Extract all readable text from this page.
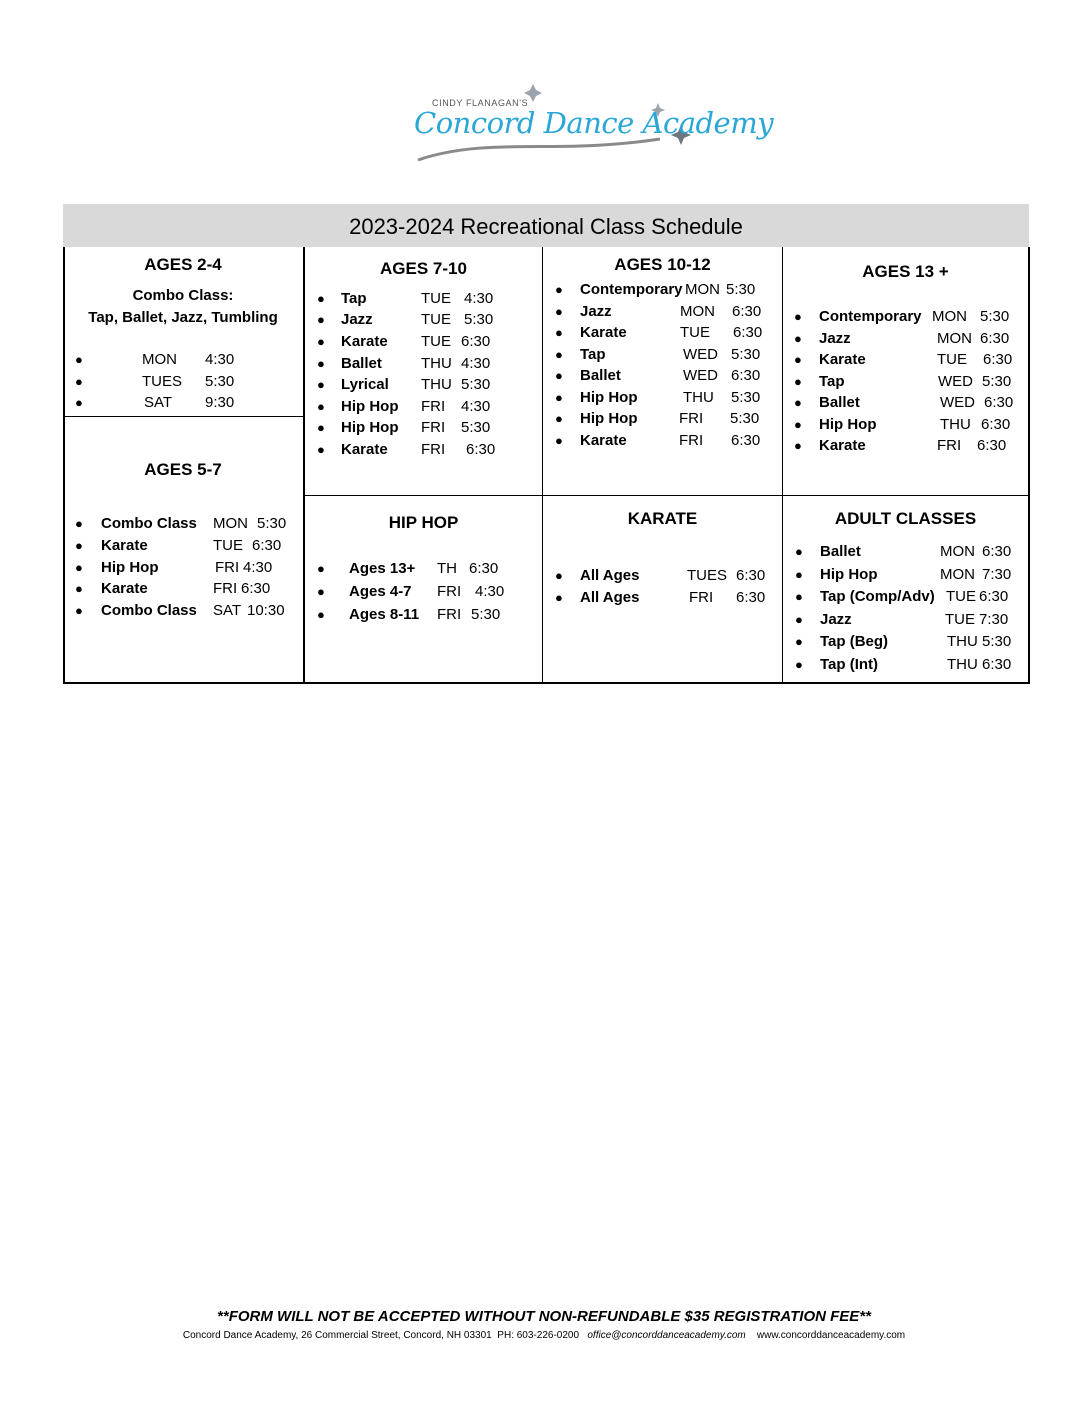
CINDY FLANAGAN'S
Concord Dance Academy
2023-2024 Recreational Class Schedule
AGES 2-4
Combo Class:
Tap, Ballet, Jazz, Tumbling
●	MON 4:30
●	TUES 5:30
●	SAT 9:30
AGES 5-7
● Combo Class MON 5:30
● Karate	TUE 6:30
● Hip Hop	FRI 4:30
● Karate	FRI 6:30
● Combo Class SAT 10:30
AGES 7-10
● Tap	TUE 4:30
● Jazz	TUE 5:30
● Karate TUE 6:30
● Ballet	THU 4:30
● Lyrical THU 5:30
● Hip Hop FRI 4:30
● Hip Hop FRI 5:30
● Karate FRI 6:30
AGES 10-12
● Contemporary MON 5:30
● Jazz	MON 6:30
● Karate	TUE 6:30
● Tap	WED 5:30
● Ballet	WED 6:30
● Hip Hop	THU 5:30
● Hip Hop	FRI 5:30
● Karate	FRI 6:30
AGES 13 +
● Contemporary MON 5:30
● Jazz	MON 6:30
● Karate	TUE 6:30
● Tap	WED 5:30
● Ballet	WED 6:30
● Hip Hop	THU 6:30
● Karate	FRI 6:30
HIP HOP
● Ages 13+ TH 6:30
● Ages 4-7 FRI 4:30
● Ages 8-11 FRI 5:30
KARATE
● All Ages	TUES 6:30
● All Ages	FRI 6:30
ADULT CLASSES
● Ballet	MON 6:30
● Hip Hop	MON 7:30
● Tap (Comp/Adv) TUE 6:30
● Jazz	TUE 7:30
● Tap (Beg)	THU 5:30
● Tap (Int)	THU 6:30
**FORM WILL NOT BE ACCEPTED WITHOUT NON-REFUNDABLE $35 REGISTRATION FEE**
Concord Dance Academy, 26 Commercial Street, Concord, NH 03301 PH: 603-226-0200 office@concorddanceacademy.com www.concorddanceacademy.com
